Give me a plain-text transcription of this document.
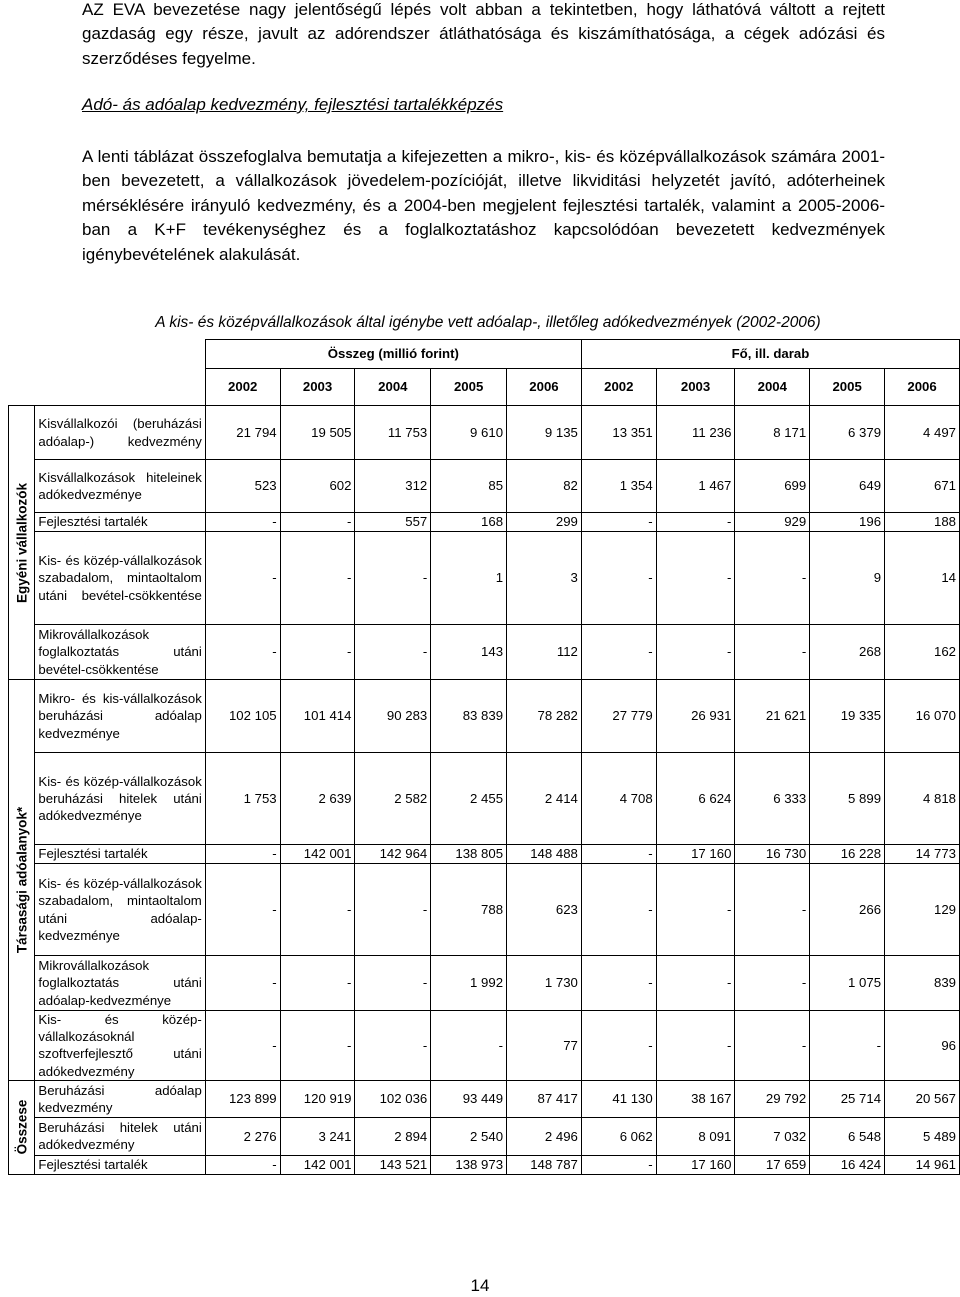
AZ EVA bevezetése nagy jelentőségű lépés volt abban a tekintetben, hogy láthatóvá váltott a rejtett gazdaság egy része, javult az adórendszer átláthatósága és kiszámíthatósága, a cégek adózási és szerződéses fegyelme.

Adó- ás adóalap kedvezmény, fejlesztési tartalékképzés

A lenti táblázat összefoglalva bemutatja a kifejezetten a mikro-, kis- és középvállalkozások számára 2001-ben bevezetett, a vállalkozások jövedelem-pozícióját, illetve likviditási helyzetét javító, adóterheinek mérséklésére irányuló kedvezmény, és a 2004-ben megjelent fejlesztési tartalék, valamint a 2005-2006-ban a K+F tevékenységhez és a foglalkoztatáshoz kapcsolódóan bevezetett kedvezmények igénybevételének alakulását.

A kis- és középvállalkozások által igénybe vett adóalap-, illetőleg adókedvezmények (2002-2006)

		Összeg (millió forint)					Fő, ill. darab				
		2002	2003	2004	2005	2006	2002	2003	2004	2005	2006

Egyéni vállalkozók	Kisvállalkozói (beruházási adóalap-) kedvezmény	21 794	19 505	11 753	9 610	9 135	13 351	11 236	8 171	6 379	4 497
	Kisvállalkozások hiteleinek adókedvezménye	523	602	312	85	82	1 354	1 467	699	649	671
	Fejlesztési tartalék	-	-	557	168	299	-	-	929	196	188
	Kis- és közép-vállalkozások szabadalom, mintaoltalom utáni bevétel-csökkentése	-	-	-	1	3	-	-	-	9	14
	Mikrovállalkozások foglalkoztatás utáni bevétel-csökkentése	-	-	-	143	112	-	-	-	268	162

Társasági adóalanyok*	Mikro- és kis-vállalkozások beruházási adóalap kedvezménye	102 105	101 414	90 283	83 839	78 282	27 779	26 931	21 621	19 335	16 070
	Kis- és közép-vállalkozások beruházási hitelek utáni adókedvezménye	1 753	2 639	2 582	2 455	2 414	4 708	6 624	6 333	5 899	4 818
	Fejlesztési tartalék	-	142 001	142 964	138 805	148 488	-	17 160	16 730	16 228	14 773
	Kis- és közép-vállalkozások szabadalom, mintaoltalom utáni adóalap-kedvezménye	-	-	-	788	623	-	-	-	266	129
	Mikrovállalkozások foglalkoztatás utáni adóalap-kedvezménye	-	-	-	1 992	1 730	-	-	-	1 075	839
	Kis- és közép-vállalkozásoknál szoftverfejlesztő utáni adókedvezmény	-	-	-	-	77	-	-	-	-	96

Összese	Beruházási adóalap kedvezmény	123 899	120 919	102 036	93 449	87 417	41 130	38 167	29 792	25 714	20 567
	Beruházási hitelek utáni adókedvezmény	2 276	3 241	2 894	2 540	2 496	6 062	8 091	7 032	6 548	5 489
	Fejlesztési tartalék	-	142 001	143 521	138 973	148 787	-	17 160	17 659	16 424	14 961
14
